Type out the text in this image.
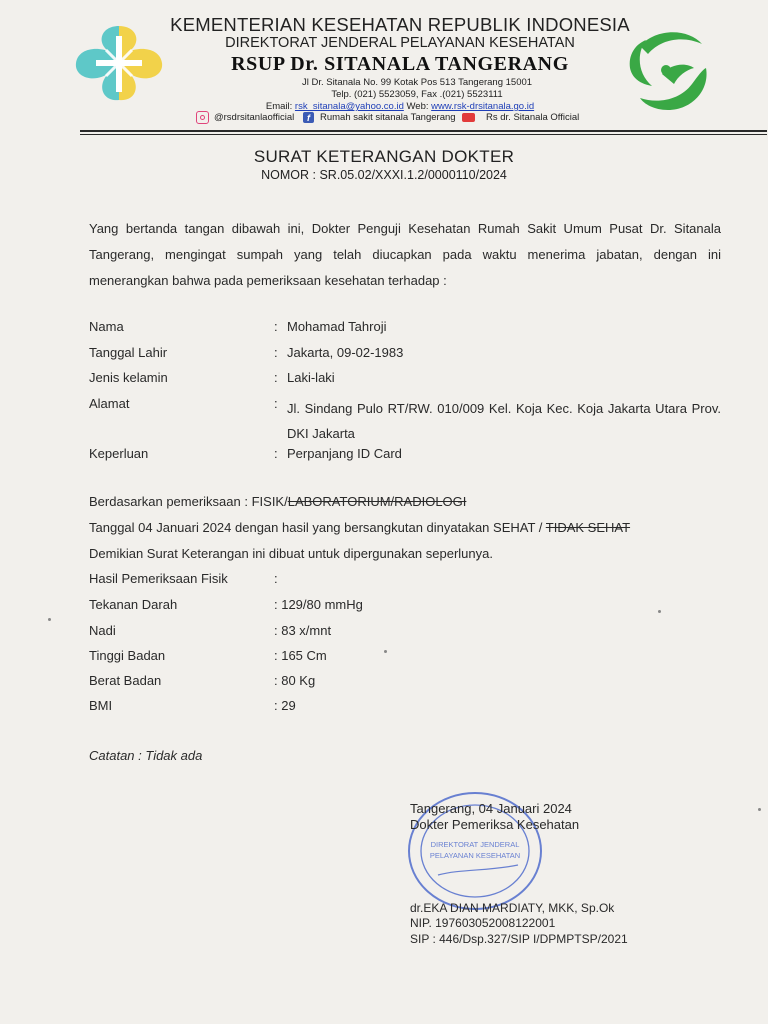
KEMENTERIAN KESEHATAN REPUBLIK INDONESIA
DIREKTORAT JENDERAL PELAYANAN KESEHATAN
RSUP Dr. SITANALA TANGERANG
Jl Dr. Sitanala No. 99 Kotak Pos 513 Tangerang 15001
Telp. (021) 5523059, Fax .(021) 5523111
Email: rsk_sitanala@yahoo.co.id Web: www.rsk-drsitanala.go.id
@rsdrsitanlaofficial	f	Rumah sakit sitanala Tangerang	Rs dr. Sitanala Official
SURAT KETERANGAN DOKTER
NOMOR : SR.05.02/XXXI.1.2/0000110/2024
Yang bertanda tangan dibawah ini, Dokter Penguji Kesehatan Rumah Sakit Umum Pusat Dr. Sitanala Tangerang, mengingat sumpah yang telah diucapkan pada waktu menerima jabatan, dengan ini menerangkan bahwa pada pemeriksaan kesehatan terhadap :
Nama	: Mohamad Tahroji
Tanggal Lahir	: Jakarta, 09-02-1983
Jenis kelamin	: Laki-laki
Alamat	: Jl. Sindang Pulo RT/RW. 010/009 Kel. Koja Kec. Koja Jakarta Utara Prov. DKI Jakarta
Keperluan	: Perpanjang ID Card
Berdasarkan pemeriksaan : FISIK/LABORATORIUM/RADIOLOGI
Tanggal 04 Januari 2024 dengan hasil yang bersangkutan dinyatakan SEHAT / TIDAK SEHAT
Demikian Surat Keterangan ini dibuat untuk dipergunakan seperlunya.
Hasil Pemeriksaan Fisik	:
Tekanan Darah	: 129/80 mmHg
Nadi	: 83 x/mnt
Tinggi Badan	: 165 Cm
Berat Badan	: 80 Kg
BMI	: 29
Catatan : Tidak ada
DIREKTORAT JENDERAL
PELAYANAN KESEHATAN
Tangerang, 04 Januari 2024
Dokter Pemeriksa Kesehatan
dr.EKA DIAN MARDIATY, MKK, Sp.Ok
NIP. 197603052008122001
SIP : 446/Dsp.327/SIP I/DPMPTSP/2021
